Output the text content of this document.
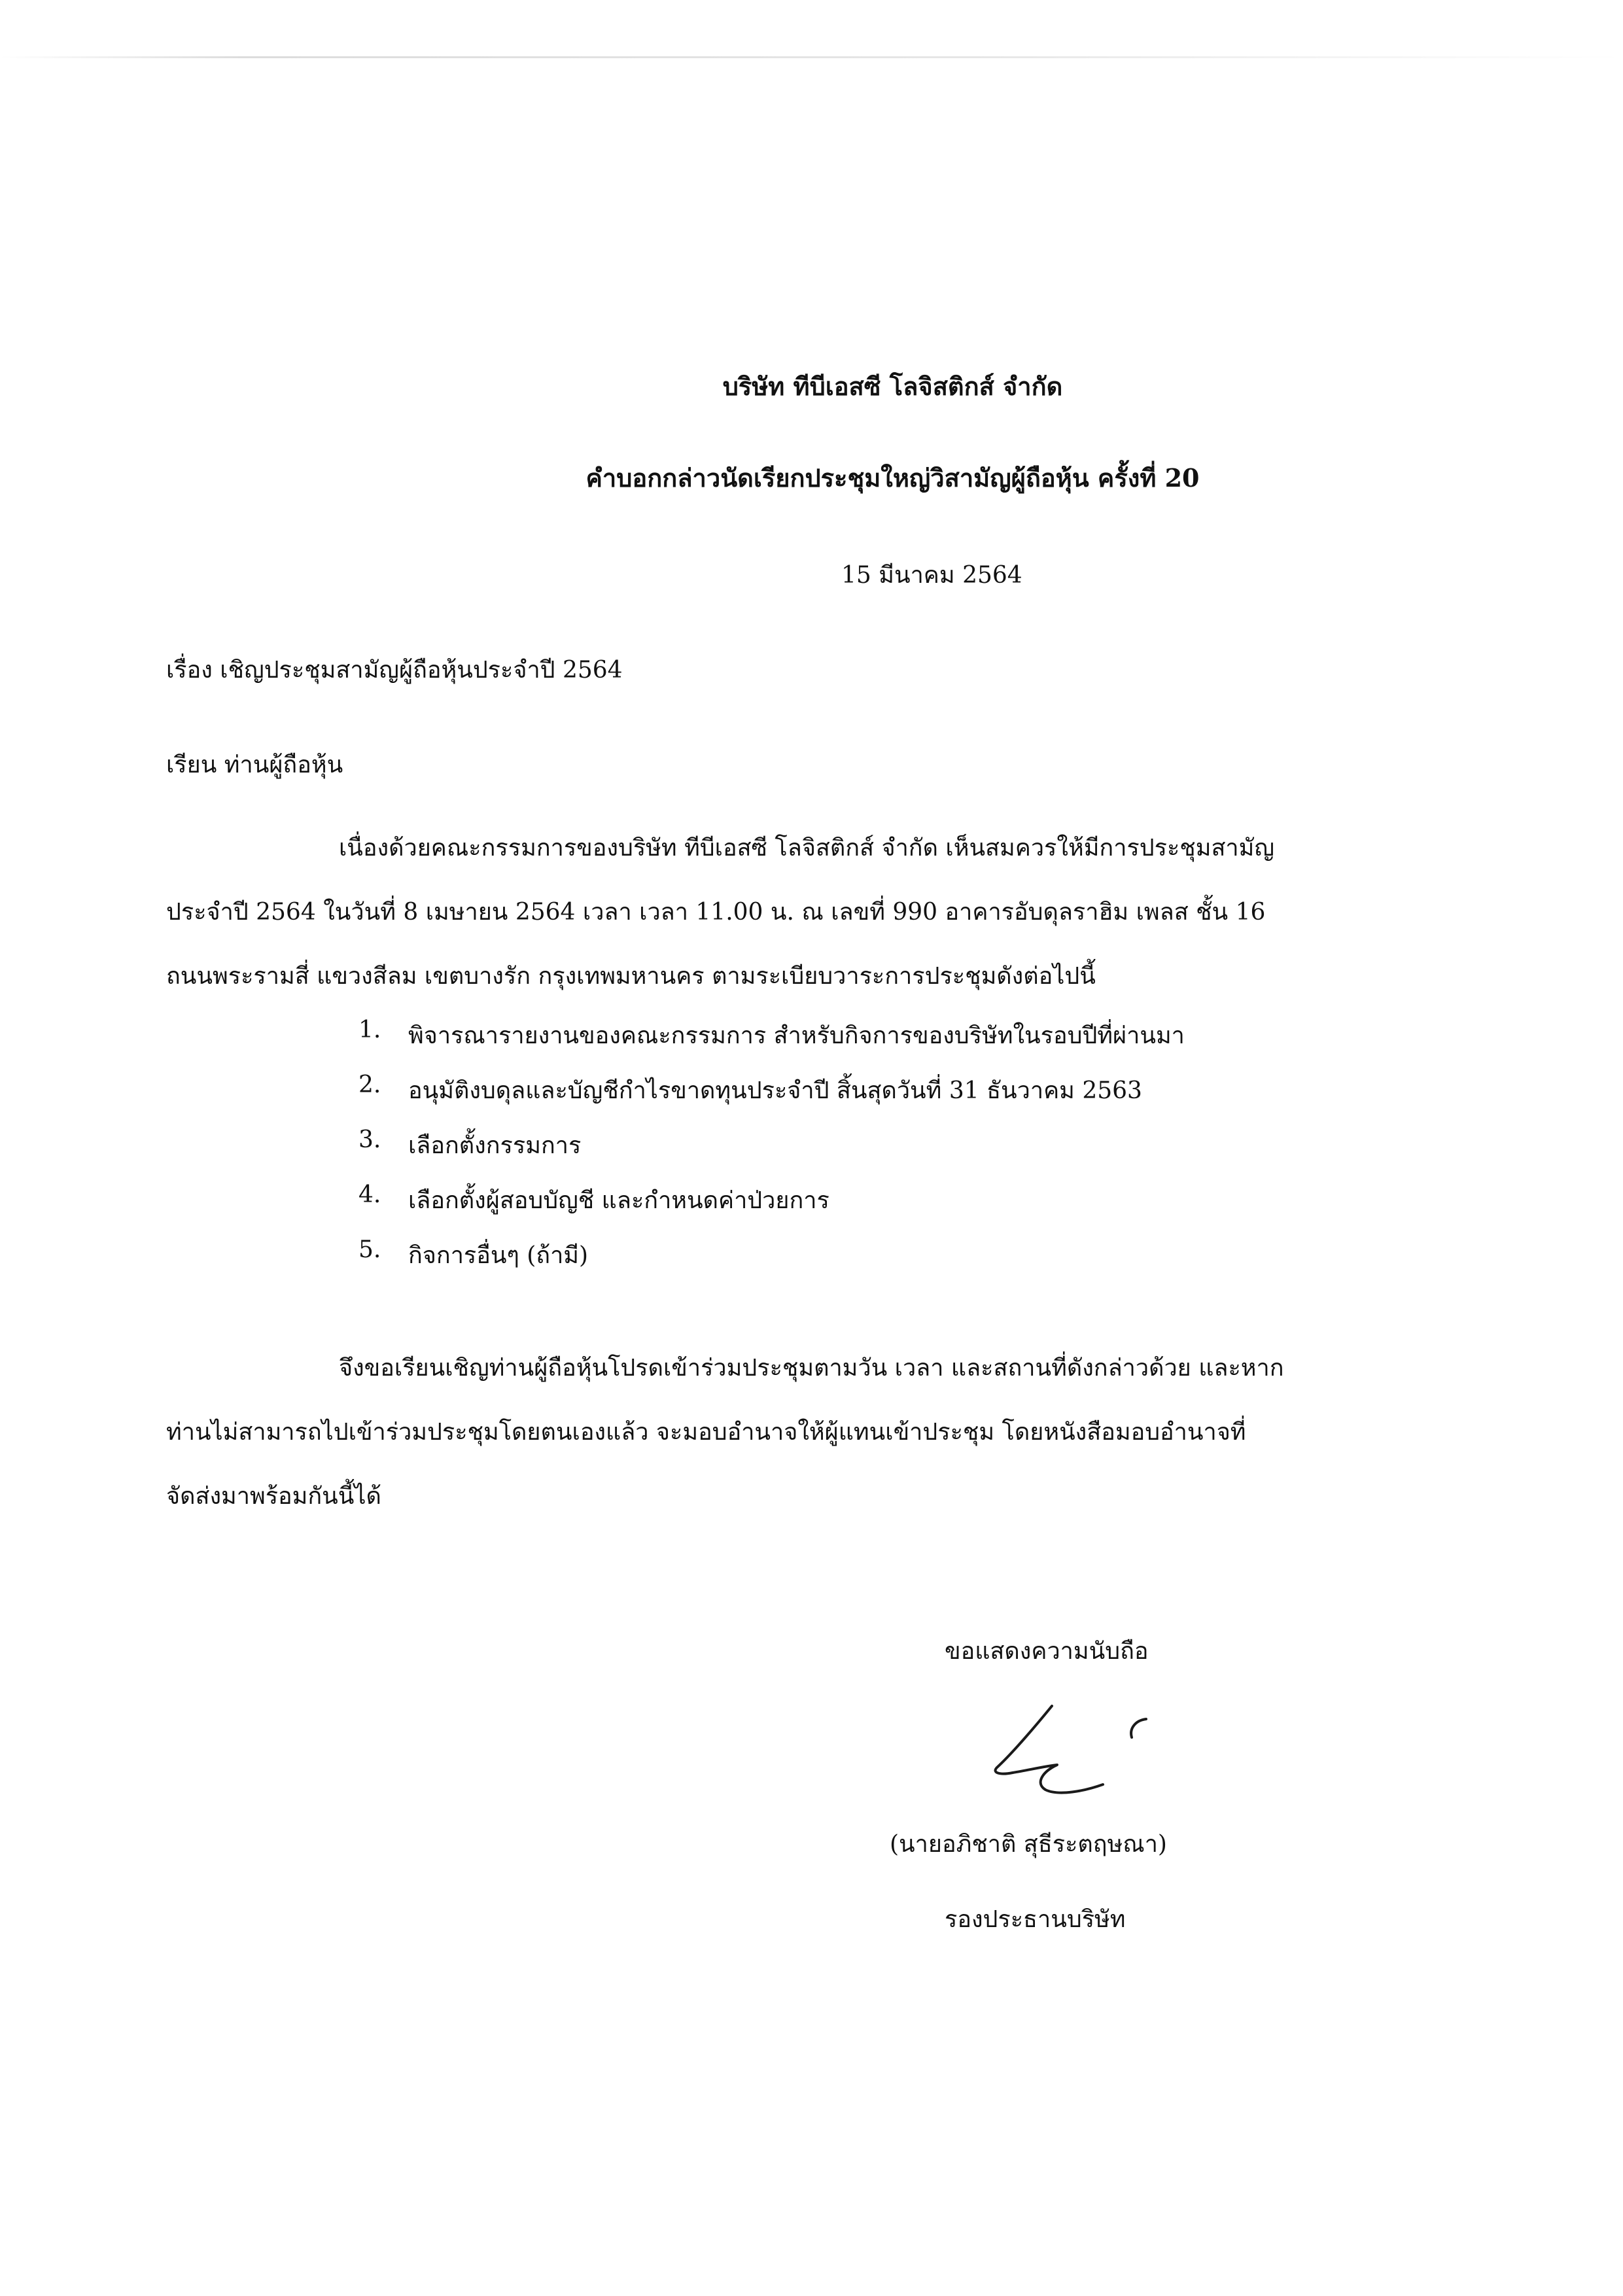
บริษัท ทีบีเอสซี โลจิสติกส์ จำกัด
คำบอกกล่าวนัดเรียกประชุมใหญ่วิสามัญผู้ถือหุ้น ครั้งที่ 20
15 มีนาคม 2564
เรื่อง เชิญประชุมสามัญผู้ถือหุ้นประจำปี 2564
เรียน ท่านผู้ถือหุ้น
เนื่องด้วยคณะกรรมการของบริษัท ทีบีเอสซี โลจิสติกส์ จำกัด เห็นสมควรให้มีการประชุมสามัญ
ประจำปี 2564 ในวันที่ 8 เมษายน 2564 เวลา เวลา 11.00 น. ณ เลขที่ 990 อาคารอับดุลราฮิม เพลส ชั้น 16
ถนนพระรามสี่ แขวงสีลม เขตบางรัก กรุงเทพมหานคร ตามระเบียบวาระการประชุมดังต่อไปนี้
1.	พิจารณารายงานของคณะกรรมการ สำหรับกิจการของบริษัทในรอบปีที่ผ่านมา
2.	อนุมัติงบดุลและบัญชีกำไรขาดทุนประจำปี สิ้นสุดวันที่ 31 ธันวาคม 2563
3.	เลือกตั้งกรรมการ
4.	เลือกตั้งผู้สอบบัญชี และกำหนดค่าป่วยการ
5.	กิจการอื่นๆ (ถ้ามี)
จึงขอเรียนเชิญท่านผู้ถือหุ้นโปรดเข้าร่วมประชุมตามวัน เวลา และสถานที่ดังกล่าวด้วย และหาก
ท่านไม่สามารถไปเข้าร่วมประชุมโดยตนเองแล้ว จะมอบอำนาจให้ผู้แทนเข้าประชุม โดยหนังสือมอบอำนาจที่
จัดส่งมาพร้อมกันนี้ได้
ขอแสดงความนับถือ
(นายอภิชาติ สุธีระตฤษณา)
รองประธานบริษัท
